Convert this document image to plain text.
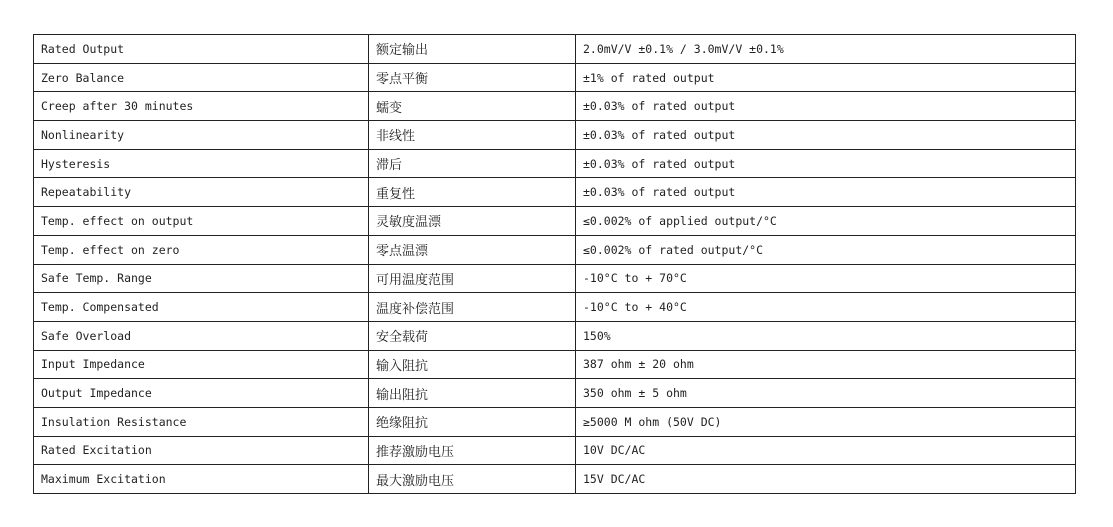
Rated Output	额定输出	2.0mV/V ±0.1% / 3.0mV/V ±0.1%
Zero Balance	零点平衡	±1% of rated output
Creep after 30 minutes	蠕变	±0.03% of rated output
Nonlinearity	非线性	±0.03% of rated output
Hysteresis	滞后	±0.03% of rated output
Repeatability	重复性	±0.03% of rated output
Temp. effect on output	灵敏度温漂	≤0.002% of applied output/°C
Temp. effect on zero	零点温漂	≤0.002% of rated output/°C
Safe Temp. Range	可用温度范围	-10°C to + 70°C
Temp. Compensated	温度补偿范围	-10°C to + 40°C
Safe Overload	安全载荷	150%
Input Impedance	输入阻抗	387 ohm ± 20 ohm
Output Impedance	输出阻抗	350 ohm ± 5 ohm
Insulation Resistance	绝缘阻抗	≥5000 M ohm (50V DC)
Rated Excitation	推荐激励电压	10V DC/AC
Maximum Excitation	最大激励电压	15V DC/AC
